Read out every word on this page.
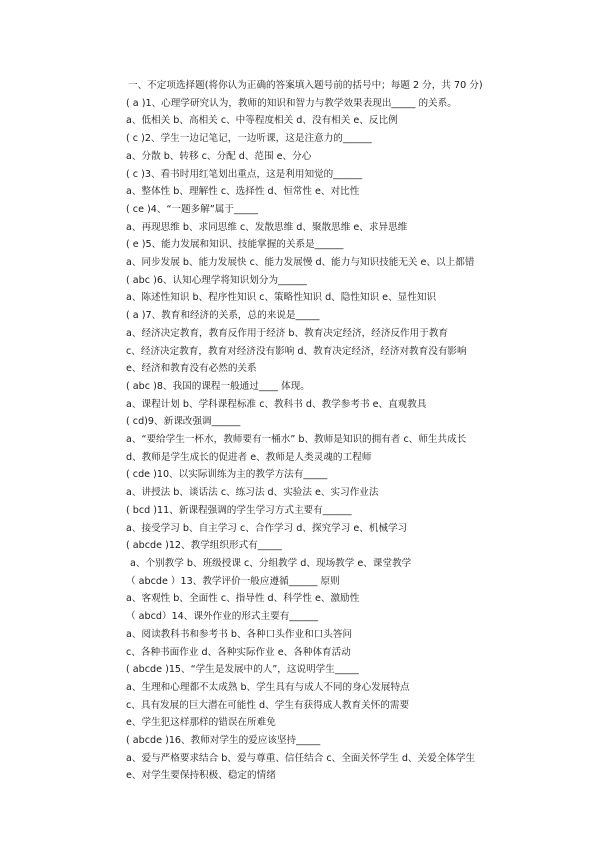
一、不定项选择题(将你认为正确的答案填入题号前的括号中；每题 2 分，共 70 分)
( a )1、心理学研究认为，教师的知识和智力与教学效果表现出_____ 的关系。
a、低相关 b、高相关 c、中等程度相关 d、没有相关 e、反比例
( c )2、学生一边记笔记，一边听课，这是注意力的______
a、分散 b、转移 c、分配 d、范围 e、分心
( c )3、看书时用红笔划出重点，这是利用知觉的______
a、整体性 b、理解性 c、选择性 d、恒常性 e、对比性
( ce )4、“一题多解”属于_____
a、再现思维 b、求同思维 c、发散思维 d、聚散思维 e、求异思维
( e )5、能力发展和知识、技能掌握的关系是______
a、同步发展 b、能力发展快 c、能力发展慢 d、能力与知识技能无关 e、以上都错
( abc )6、认知心理学将知识划分为______
a、陈述性知识 b、程序性知识 c、策略性知识 d、隐性知识 e、显性知识
( a )7、教育和经济的关系，总的来说是_____
a、经济决定教育，教育反作用于经济 b、教育决定经济，经济反作用于教育
c、经济决定教育，教育对经济没有影响 d、教育决定经济，经济对教育没有影响
e、经济和教育没有必然的关系
( abc )8、我国的课程一般通过____ 体现。
a、课程计划 b、学科课程标准 c、教科书 d、教学参考书 e、直观教具
( cd)9、新课改强调______
a、“要给学生一杯水，教师要有一桶水” b、教师是知识的拥有者 c、师生共成长
d、教师是学生成长的促进者 e、教师是人类灵魂的工程师
( cde )10、以实际训练为主的教学方法有_____
a、讲授法 b、谈话法 c、练习法 d、实验法 e、实习作业法
( bcd )11、新课程强调的学生学习方式主要有______
a、接受学习 b、自主学习 c、合作学习 d、探究学习 e、机械学习
( abcde )12、教学组织形式有_____
a、个别教学 b、班级授课 c、分组教学 d、现场教学 e、课堂教学
（ abcde ）13、教学评价一般应遵循______ 原则
a、客观性 b、全面性 c、指导性 d、科学性 e、激励性
（ abcd）14、课外作业的形式主要有______
a、阅读教科书和参考书 b、各种口头作业和口头答问
c、各种书面作业 d、各种实际作业 e、各种体育活动
( abcde )15、“学生是发展中的人”，这说明学生_____
a、生理和心理都不太成熟 b、学生具有与成人不同的身心发展特点
c、具有发展的巨大潜在可能性 d、学生有获得成人教育关怀的需要
e、学生犯这样那样的错误在所难免
( abcde )16、教师对学生的爱应该坚持_____
a、爱与严格要求结合 b、爱与尊重、信任结合 c、全面关怀学生 d、关爱全体学生
e、对学生要保持积极、稳定的情绪
